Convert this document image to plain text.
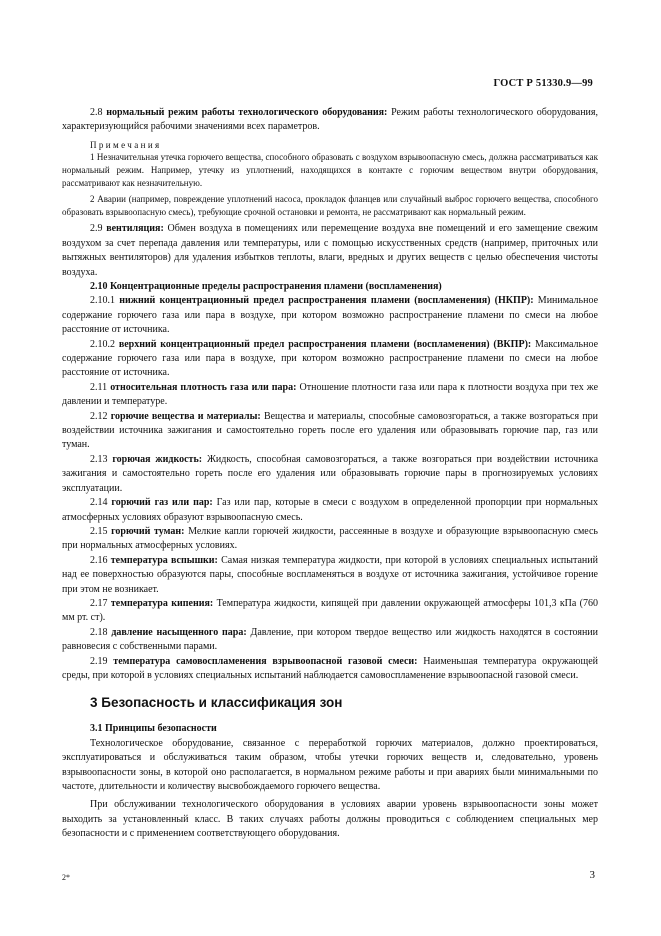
ГОСТ Р 51330.9—99

2.8 нормальный режим работы технологического оборудования: Режим работы технологического оборудования, характеризующийся рабочими значениями всех параметров.

Примечания

1 Незначительная утечка горючего вещества, способного образовать с воздухом взрывоопасную смесь, должна рассматриваться как нормальный режим. Например, утечку из уплотнений, находящихся в контакте с горючим веществом внутри оборудования, рассматривают как незначительную.

2 Аварии (например, повреждение уплотнений насоса, прокладок фланцев или случайный выброс горючего вещества, способного образовать взрывоопасную смесь), требующие срочной остановки и ремонта, не рассматривают как нормальный режим.

2.9 вентиляция: Обмен воздуха в помещениях или перемещение воздуха вне помещений и его замещение свежим воздухом за счет перепада давления или температуры, или с помощью искусственных средств (например, приточных или вытяжных вентиляторов) для удаления избытков теплоты, влаги, вредных и других веществ с целью обеспечения чистоты воздуха.

2.10 Концентрационные пределы распространения пламени (воспламенения)

2.10.1 нижний концентрационный предел распространения пламени (воспламенения) (НКПР): Минимальное содержание горючего газа или пара в воздухе, при котором возможно распространение пламени по смеси на любое расстояние от источника.

2.10.2 верхний концентрационный предел распространения пламени (воспламенения) (ВКПР): Максимальное содержание горючего газа или пара в воздухе, при котором возможно распространение пламени по смеси на любое расстояние от источника.

2.11 относительная плотность газа или пара: Отношение плотности газа или пара к плотности воздуха при тех же давлении и температуре.

2.12 горючие вещества и материалы: Вещества и материалы, способные самовозгораться, а также возгораться при воздействии источника зажигания и самостоятельно гореть после его удаления или образовывать горючие пар, газ или туман.

2.13 горючая жидкость: Жидкость, способная самовозгораться, а также возгораться при воздействии источника зажигания и самостоятельно гореть после его удаления или образовывать горючие пары в прогнозируемых условиях эксплуатации.

2.14 горючий газ или пар: Газ или пар, которые в смеси с воздухом в определенной пропорции при нормальных атмосферных условиях образуют взрывоопасную смесь.

2.15 горючий туман: Мелкие капли горючей жидкости, рассеянные в воздухе и образующие взрывоопасную смесь при нормальных атмосферных условиях.

2.16 температура вспышки: Самая низкая температура жидкости, при которой в условиях специальных испытаний над ее поверхностью образуются пары, способные воспламеняться в воздухе от источника зажигания, устойчивое горение при этом не возникает.

2.17 температура кипения: Температура жидкости, кипящей при давлении окружающей атмосферы 101,3 кПа (760 мм рт. ст).

2.18 давление насыщенного пара: Давление, при котором твердое вещество или жидкость находятся в состоянии равновесия с собственными парами.

2.19 температура самовоспламенения взрывоопасной газовой смеси: Наименьшая температура окружающей среды, при которой в условиях специальных испытаний наблюдается самовоспламенение взрывоопасной газовой смеси.

3 Безопасность и классификация зон
3.1 Принципы безопасности

Технологическое оборудование, связанное с переработкой горючих материалов, должно проектироваться, эксплуатироваться и обслуживаться таким образом, чтобы утечки горючих веществ и, следовательно, уровень взрывоопасности зоны, в которой оно располагается, в нормальном режиме работы и при авариях были минимальными по частоте, длительности и количеству высвобождаемого горючего вещества.

При обслуживании технологического оборудования в условиях аварии уровень взрывоопасности зоны может выходить за установленный класс. В таких случаях работы должны проводиться с соблюдением специальных мер безопасности и с применением соответствующего оборудования.

2*	3
